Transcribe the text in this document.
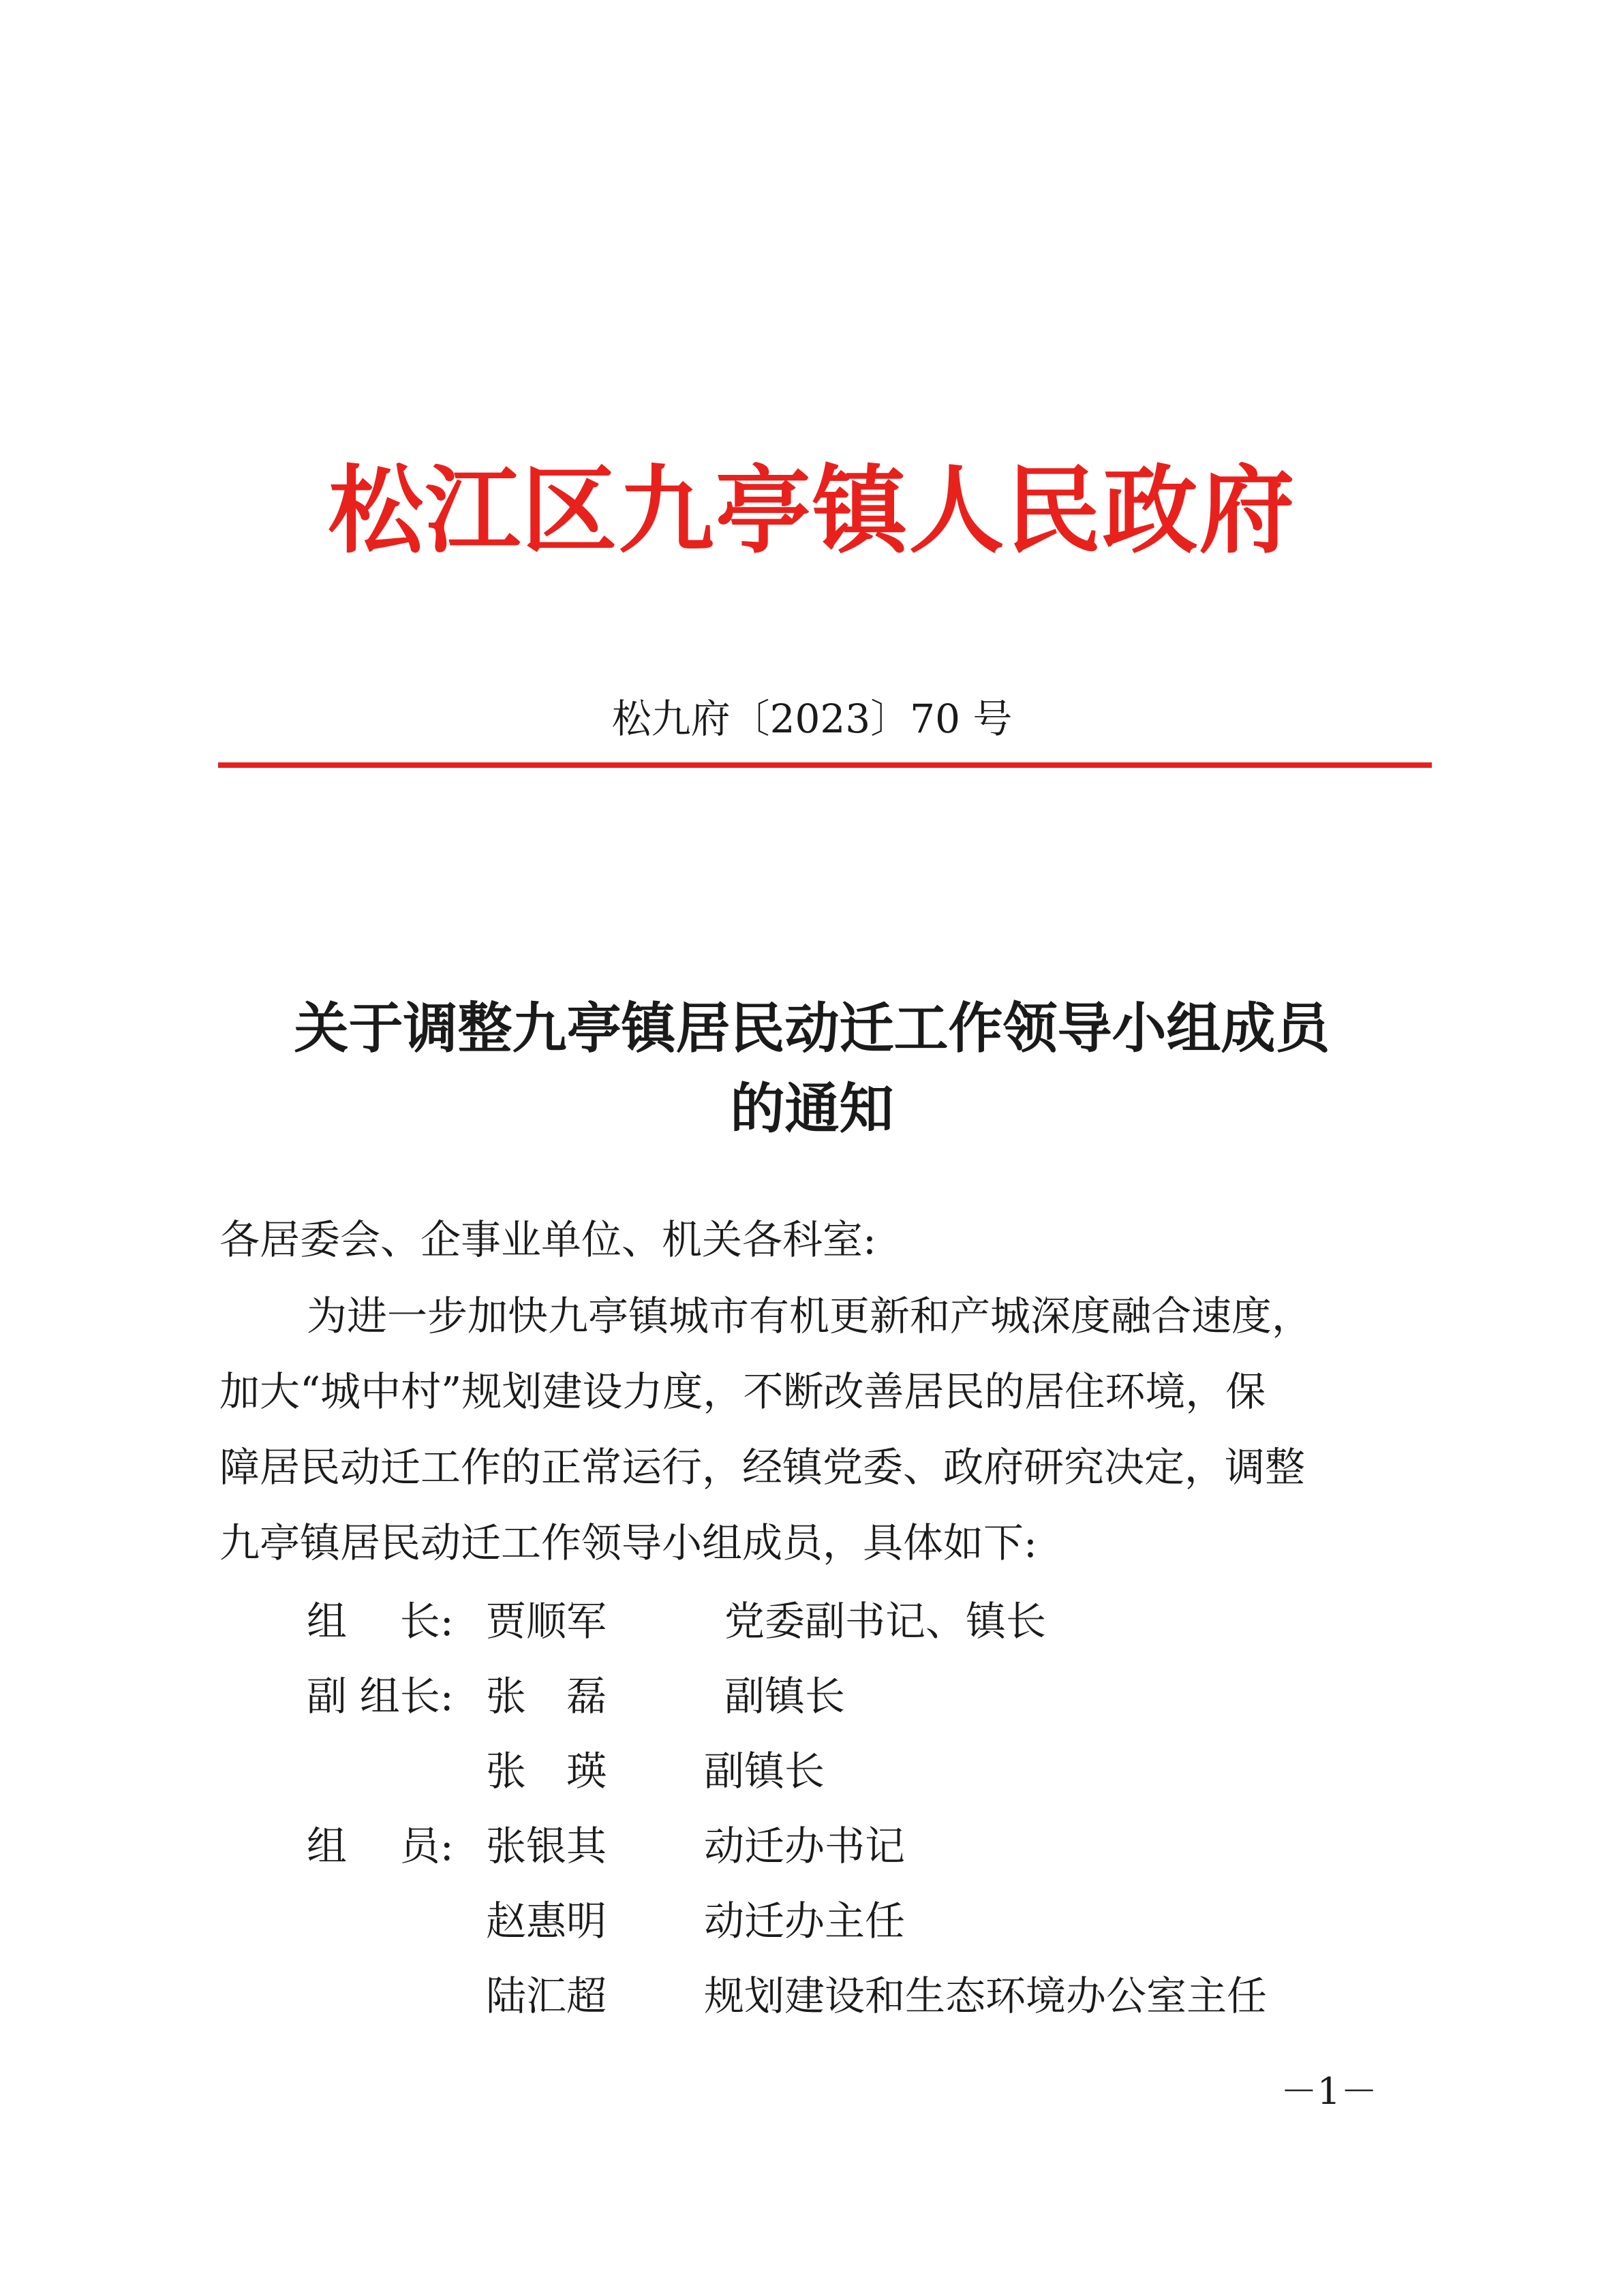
松江区九亭镇人民政府
松九府〔2023〕70 号
关于调整九亭镇居民动迁工作领导小组成员
的通知
各居委会、企事业单位、机关各科室:
为进一步加快九亭镇城市有机更新和产城深度融合速度，
加大“城中村”规划建设力度，不断改善居民的居住环境，保
障居民动迁工作的正常运行，经镇党委、政府研究决定，调整
九亭镇居民动迁工作领导小组成员，具体如下:
组　 长: 贾顺军	党委副书记、镇长
副 组长: 张　磊	副镇长
张　瑛 副镇长
组　 员: 张银其 动迁办书记
赵惠明 动迁办主任
陆汇超 规划建设和生态环境办公室主任
－1－
